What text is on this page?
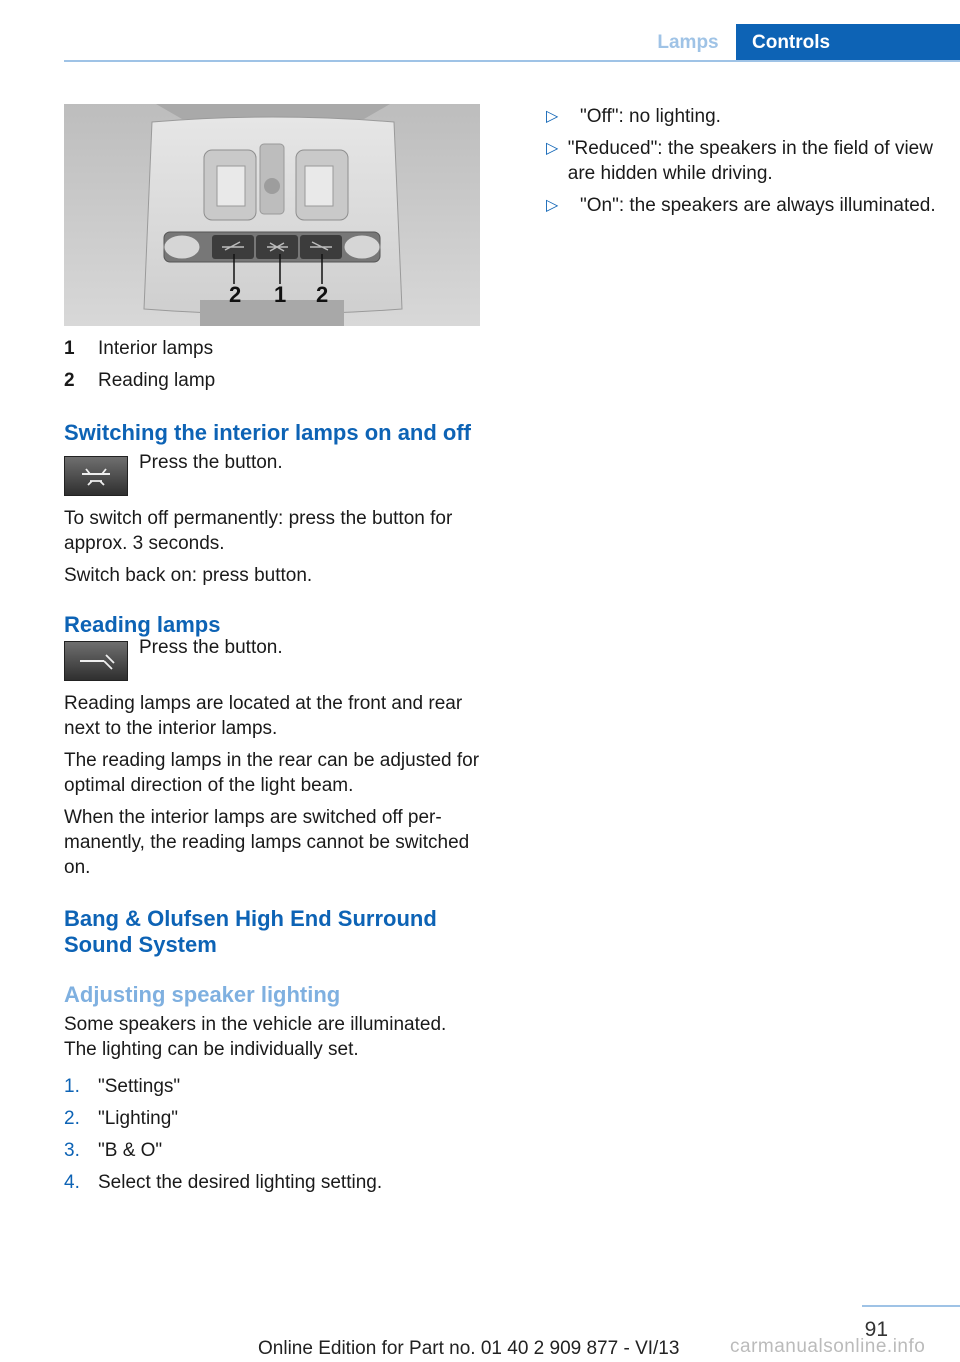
Lamps	Controls
2 1 2
1	Interior lamps
2	Reading lamp
Switching the interior lamps on and off

Press the button.

To switch off permanently: press the button for approx. 3 seconds.

Switch back on: press button.

Reading lamps

Press the button.

Reading lamps are located at the front and rear next to the interior lamps.

The reading lamps in the rear can be adjusted for optimal direction of the light beam.

When the interior lamps are switched off permanently, the reading lamps cannot be switched on.

Bang & Olufsen High End Surround Sound System
Adjusting speaker lighting

Some speakers in the vehicle are illuminated. The lighting can be individually set.

1. "Settings"
2. "Lighting"
3. "B & O"
4. Select the desired lighting setting.
▷	"Off": no lighting.
▷ "Reduced": the speakers in the field of view are hidden while driving.
▷	"On": the speakers are always illuminated.
91
Online Edition for Part no. 01 40 2 909 877 - VI/13	carmanualsonline.info
